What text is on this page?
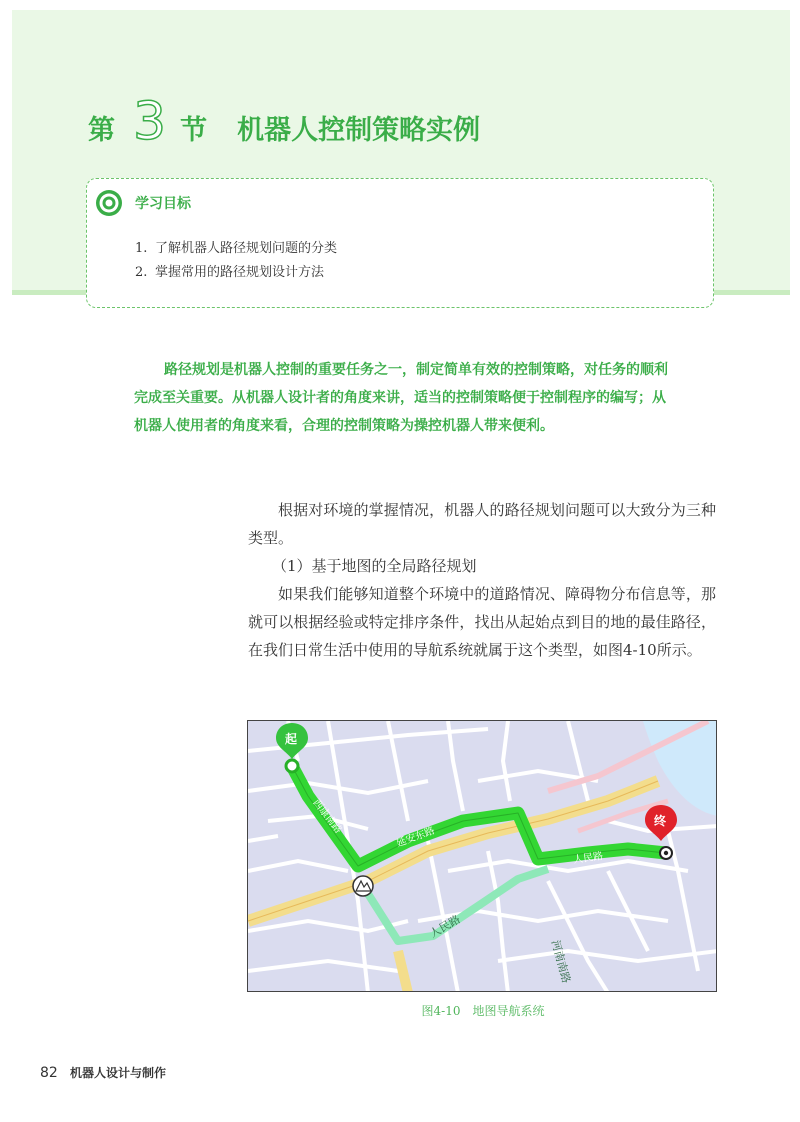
第 3 节 机器人控制策略实例
学习目标
1. 了解机器人路径规划问题的分类
2. 掌握常用的路径规划设计方法

路径规划是机器人控制的重要任务之一，制定简单有效的控制策略，对任务的顺利完成至关重要。从机器人设计者的角度来讲，适当的控制策略便于控制程序的编写；从机器人使用者的角度来看，合理的控制策略为操控机器人带来便利。

根据对环境的掌握情况，机器人的路径规划问题可以大致分为三种类型。

（1）基于地图的全局路径规划

如果我们能够知道整个环境中的道路情况、障碍物分布信息等，那就可以根据经验或特定排序条件，找出从起始点到目的地的最佳路径，在我们日常生活中使用的导航系统就属于这个类型，如图4-10所示。

西康南路
延安东路
人民路
人民路
河南南路
起
终
图4-10　地图导航系统
82 机器人设计与制作
